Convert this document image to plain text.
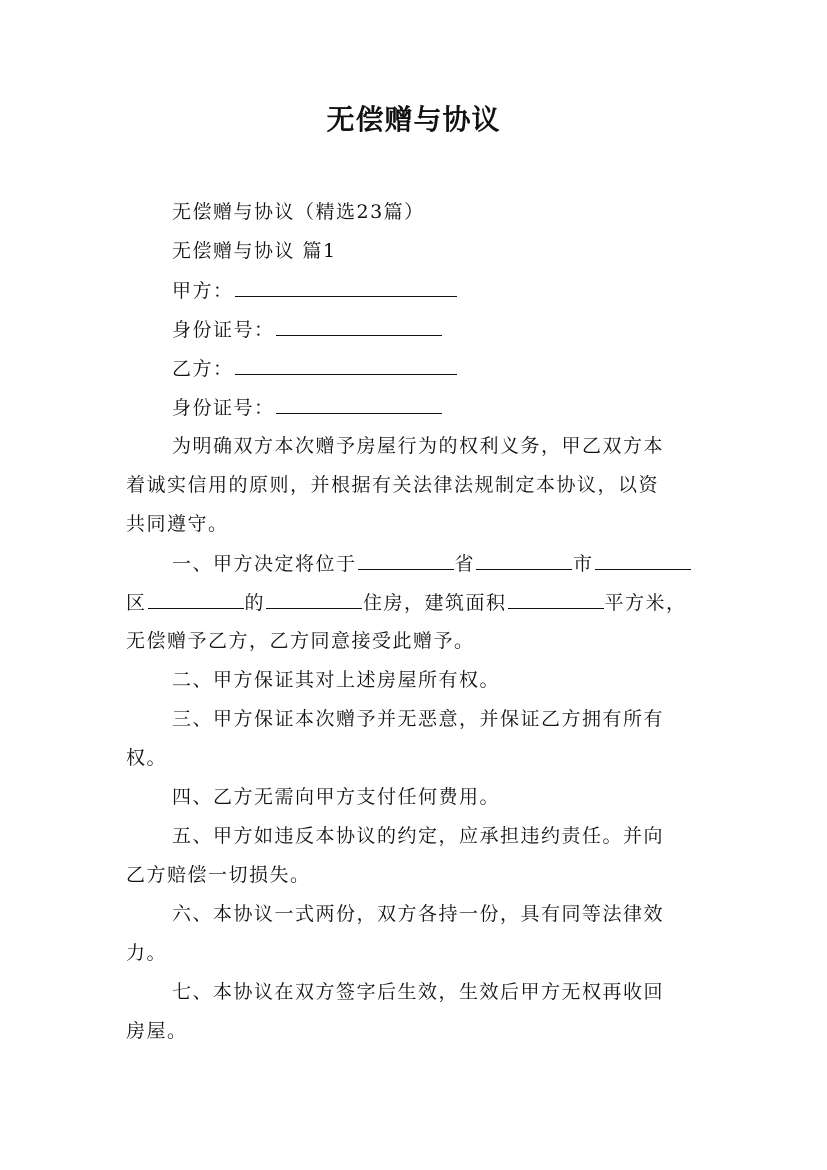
无偿赠与协议
无偿赠与协议（精选23篇）
无偿赠与协议 篇1
甲方：
身份证号：
乙方：
身份证号：
为明确双方本次赠予房屋行为的权利义务，甲乙双方本
着诚实信用的原则，并根据有关法律法规制定本协议，以资
共同遵守。
一、甲方决定将位于	省	市
区	的	住房，建筑面积	平方米，
无偿赠予乙方，乙方同意接受此赠予。
二、甲方保证其对上述房屋所有权。
三、甲方保证本次赠予并无恶意，并保证乙方拥有所有
权。
四、乙方无需向甲方支付任何费用。
五、甲方如违反本协议的约定，应承担违约责任。并向
乙方赔偿一切损失。
六、本协议一式两份，双方各持一份，具有同等法律效
力。
七、本协议在双方签字后生效，生效后甲方无权再收回
房屋。
